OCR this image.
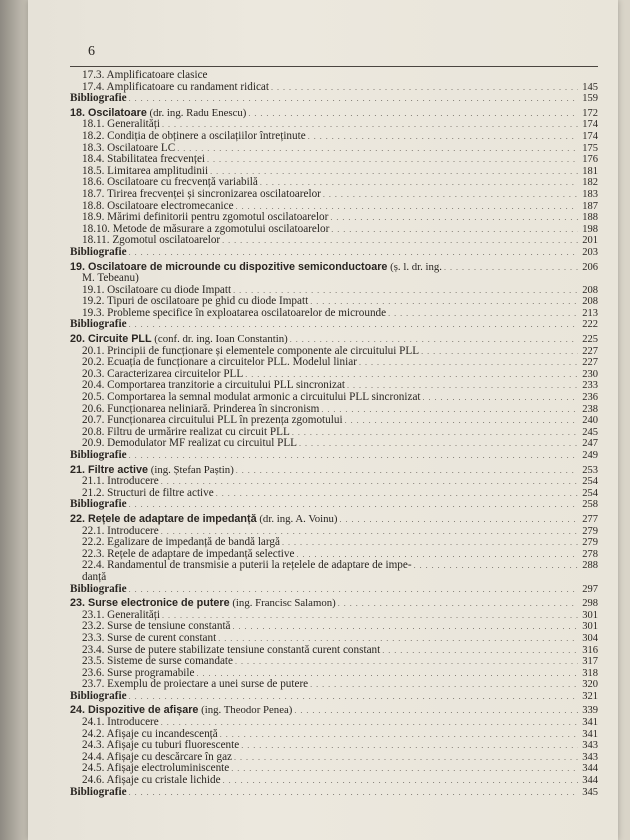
6
17.3. Amplificatoare clasice
17.4. Amplificatoare cu randament ridicat . . .	145
Bibliografie . . .	159
18. Oscilatoare (dr. ing. Radu Enescu) . . .	172
18.1. Generalități . . .	174
18.2. Condiția de obținere a oscilațiilor întreținute . . .	174
18.3. Oscilatoare LC . . .	175
18.4. Stabilitatea frecvenței . . .	176
18.5. Limitarea amplitudinii . . .	181
18.6. Oscilatoare cu frecvență variabilă . . .	182
18.7. Tirirea frecvenței și sincronizarea oscilatoarelor . . .	183
18.8. Oscilatoare electromecanice . . .	187
18.9. Mărimi definitorii pentru zgomotul oscilatoarelor . . .	188
18.10. Metode de măsurare a zgomotului oscilatoarelor . . .	198
18.11. Zgomotul oscilatoarelor . . .	201
Bibliografie . . .	203
19. Oscilatoare de microunde cu dispozitive semiconductoare (ș. l. dr. ing. . . .	206
M. Tebeanu)
19.1. Oscilatoare cu diode Impatt . . .	208
19.2. Tipuri de oscilatoare pe ghid cu diode Impatt . . .	208
19.3. Probleme specifice în exploatarea oscilatoarelor de microunde . . .	213
Bibliografie . . .	222
20. Circuite PLL (conf. dr. ing. Ioan Constantin) . . .	225
20.1. Principii de funcționare și elementele componente ale circuitului PLL . . .	227
20.2. Ecuația de funcționare a circuitelor PLL. Modelul liniar . . .	227
20.3. Caracterizarea circuitelor PLL . . .	230
20.4. Comportarea tranzitorie a circuitului PLL sincronizat . . .	233
20.5. Comportarea la semnal modulat armonic a circuitului PLL sincronizat . . .	236
20.6. Funcționarea neliniară. Prinderea în sincronism . . .	238
20.7. Funcționarea circuitului PLL în prezența zgomotului . . .	240
20.8. Filtru de urmărire realizat cu circuit PLL . . .	245
20.9. Demodulator MF realizat cu circuitul PLL . . .	247
Bibliografie . . .	249
21. Filtre active (ing. Ștefan Paștin) . . .	253
21.1. Introducere . . .	254
21.2. Structuri de filtre active . . .	254
Bibliografie . . .	258
22. Rețele de adaptare de impedanță (dr. ing. A. Voinu) . . .	277
22.1. Introducere . . .	279
22.2. Egalizare de impedanță de bandă largă . . .	279
22.3. Rețele de adaptare de impedanță selective . . .	278
22.4. Randamentul de transmisie a puterii la rețelele de adaptare de impe- . . .	288
danță
Bibliografie . . .	297
23. Surse electronice de putere (ing. Francisc Salamon) . . .	298
23.1. Generalități . . .	301
23.2. Surse de tensiune constantă . . .	301
23.3. Surse de curent constant . . .	304
23.4. Surse de putere stabilizate tensiune constantă curent constant . . .	316
23.5. Sisteme de surse comandate . . .	317
23.6. Surse programabile . . .	318
23.7. Exemplu de proiectare a unei surse de putere . . .	320
Bibliografie . . .	321
24. Dispozitive de afișare (ing. Theodor Penea) . . .	339
24.1. Introducere . . .	341
24.2. Afișaje cu incandescență . . .	341
24.3. Afișaje cu tuburi fluorescente . . .	343
24.4. Afișaje cu descărcare în gaz . . .	343
24.5. Afișaje electroluminiscente . . .	344
24.6. Afișaje cu cristale lichide . . .	344
Bibliografie . . .	345
